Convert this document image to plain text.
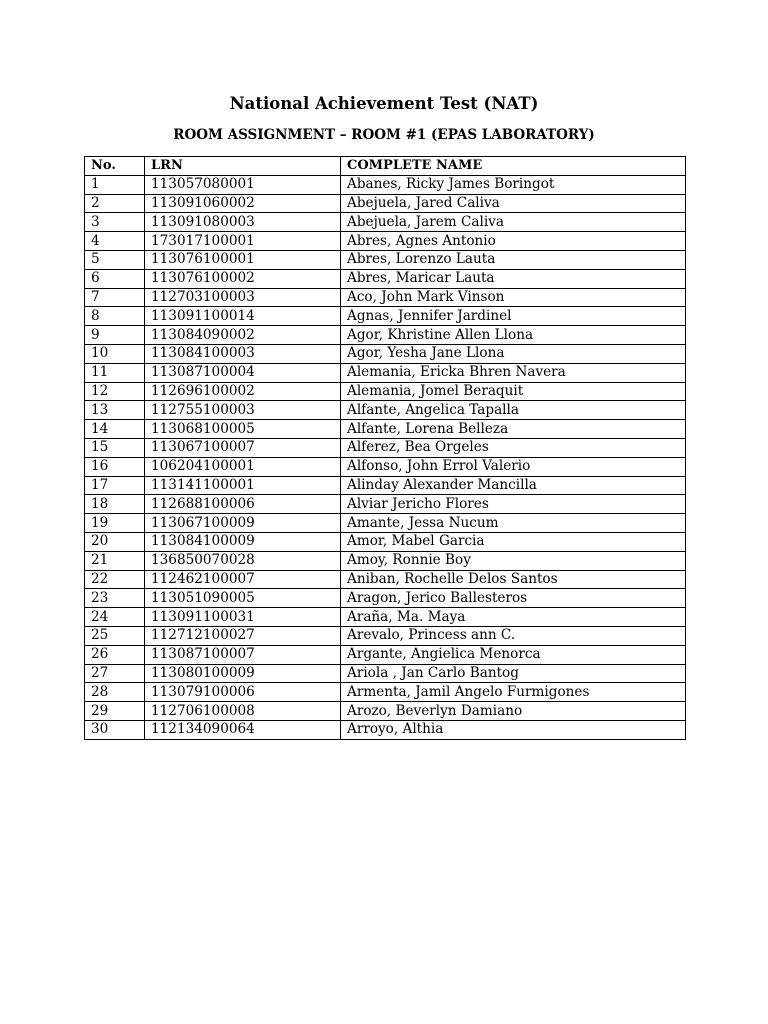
National Achievement Test (NAT)
ROOM ASSIGNMENT – ROOM #1 (EPAS LABORATORY)
No.	LRN	COMPLETE NAME
1	113057080001	Abanes, Ricky James Boringot
2	113091060002	Abejuela, Jared Caliva
3	113091080003	Abejuela, Jarem Caliva
4	173017100001	Abres, Agnes Antonio
5	113076100001	Abres, Lorenzo Lauta
6	113076100002	Abres, Maricar Lauta
7	112703100003	Aco, John Mark Vinson
8	113091100014	Agnas, Jennifer Jardinel
9	113084090002	Agor, Khristine Allen Llona
10	113084100003	Agor, Yesha Jane Llona
11	113087100004	Alemania, Ericka Bhren Navera
12	112696100002	Alemania, Jomel Beraquit
13	112755100003	Alfante, Angelica Tapalla
14	113068100005	Alfante, Lorena Belleza
15	113067100007	Alferez, Bea Orgeles
16	106204100001	Alfonso, John Errol Valerio
17	113141100001	Alinday Alexander Mancilla
18	112688100006	Alviar Jericho Flores
19	113067100009	Amante, Jessa Nucum
20	113084100009	Amor, Mabel Garcia
21	136850070028	Amoy, Ronnie Boy
22	112462100007	Aniban, Rochelle Delos Santos
23	113051090005	Aragon, Jerico Ballesteros
24	113091100031	Araña, Ma. Maya
25	112712100027	Arevalo, Princess ann C.
26	113087100007	Argante, Angielica Menorca
27	113080100009	Ariola , Jan Carlo Bantog
28	113079100006	Armenta, Jamil Angelo Furmigones
29	112706100008	Arozo, Beverlyn Damiano
30	112134090064	Arroyo, Althia
